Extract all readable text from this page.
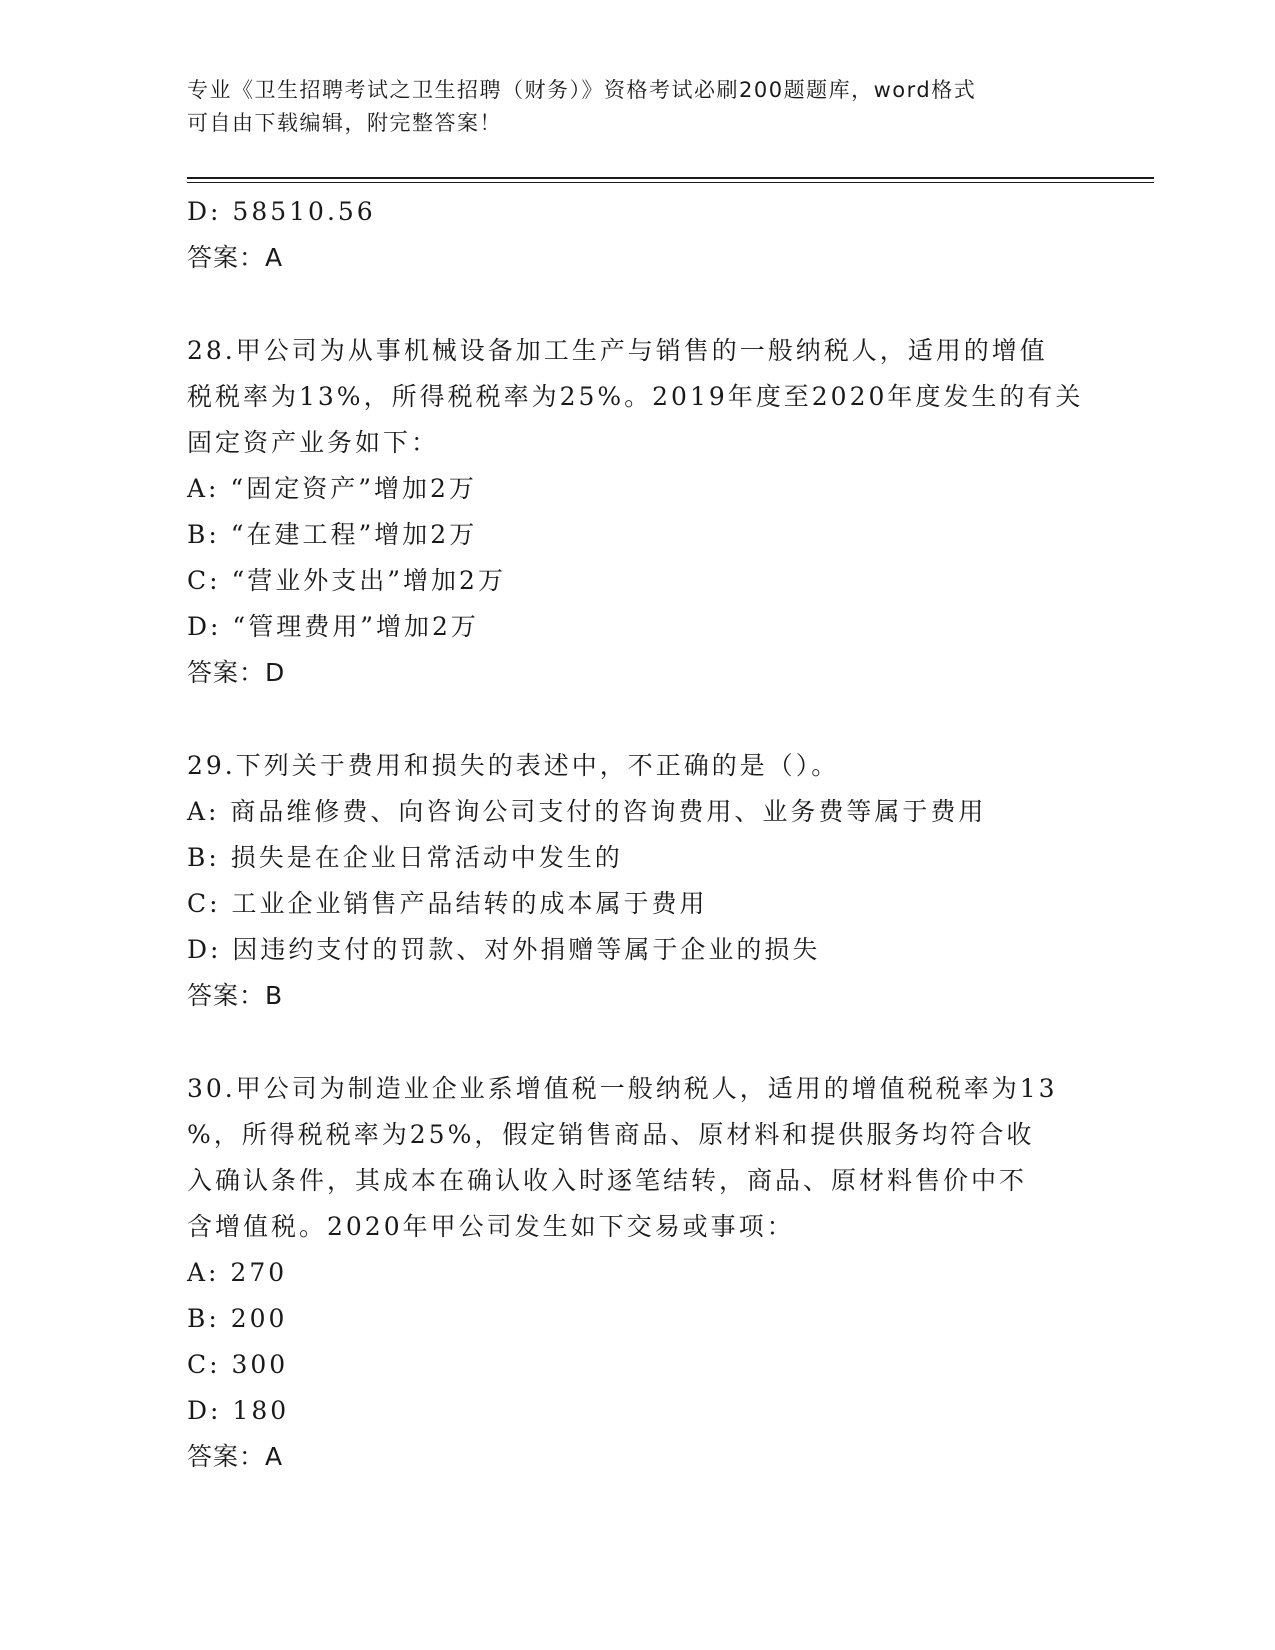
专业《卫生招聘考试之卫生招聘（财务）》资格考试必刷200题题库，word格式
可自由下载编辑，附完整答案！
D: 58510.56
答案：A
28.甲公司为从事机械设备加工生产与销售的一般纳税人，适用的增值
税税率为13%，所得税税率为25%。2019年度至2020年度发生的有关
固定资产业务如下：
A: “固定资产”增加2万
B: “在建工程”增加2万
C: “营业外支出”增加2万
D: “管理费用”增加2万
答案：D
29.下列关于费用和损失的表述中，不正确的是（）。
A: 商品维修费、向咨询公司支付的咨询费用、业务费等属于费用
B: 损失是在企业日常活动中发生的
C: 工业企业销售产品结转的成本属于费用
D: 因违约支付的罚款、对外捐赠等属于企业的损失
答案：B
30.甲公司为制造业企业系增值税一般纳税人，适用的增值税税率为13
%，所得税税率为25%，假定销售商品、原材料和提供服务均符合收
入确认条件，其成本在确认收入时逐笔结转，商品、原材料售价中不
含增值税。2020年甲公司发生如下交易或事项：
A: 270
B: 200
C: 300
D: 180
答案：A
